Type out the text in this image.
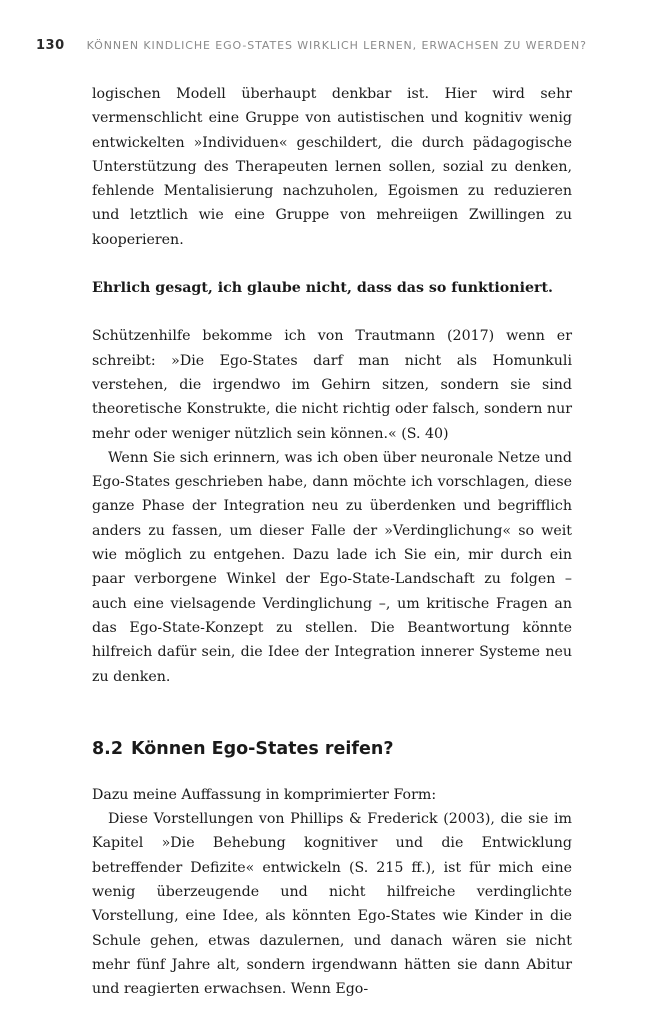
130 KÖNNEN KINDLICHE EGO-STATES WIRKLICH LERNEN, ERWACHSEN ZU WERDEN?

logischen Modell überhaupt denkbar ist. Hier wird sehr vermenschlicht eine Gruppe von autistischen und kognitiv wenig entwickelten »Individuen« geschildert, die durch pädagogische Unterstützung des Therapeuten lernen sollen, sozial zu denken, fehlende Mentalisierung nachzuholen, Egoismen zu reduzieren und letztlich wie eine Gruppe von mehreiigen Zwillingen zu kooperieren.

Ehrlich gesagt, ich glaube nicht, dass das so funktioniert.

Schützenhilfe bekomme ich von Trautmann (2017) wenn er schreibt: »Die Ego-States darf man nicht als Homunkuli verstehen, die irgendwo im Gehirn sitzen, sondern sie sind theoretische Konstrukte, die nicht richtig oder falsch, sondern nur mehr oder weniger nützlich sein können.« (S. 40)

Wenn Sie sich erinnern, was ich oben über neuronale Netze und Ego-States geschrieben habe, dann möchte ich vorschlagen, diese ganze Phase der Integration neu zu überdenken und begrifflich anders zu fassen, um dieser Falle der »Verdinglichung« so weit wie möglich zu entgehen. Dazu lade ich Sie ein, mir durch ein paar verborgene Winkel der Ego-State-Landschaft zu folgen – auch eine vielsagende Verdinglichung –, um kritische Fragen an das Ego-State-Konzept zu stellen. Die Beantwortung könnte hilfreich dafür sein, die Idee der Integration innerer Systeme neu zu denken.

8.2 Können Ego-States reifen?

Dazu meine Auffassung in komprimierter Form:

Diese Vorstellungen von Phillips & Frederick (2003), die sie im Kapitel »Die Behebung kognitiver und die Entwicklung betreffender Defizite« entwickeln (S. 215 ff.), ist für mich eine wenig überzeugende und nicht hilfreiche verdinglichte Vorstellung, eine Idee, als könnten Ego-States wie Kinder in die Schule gehen, etwas dazulernen, und danach wären sie nicht mehr fünf Jahre alt, sondern irgendwann hätten sie dann Abitur und reagierten erwachsen. Wenn Ego-
